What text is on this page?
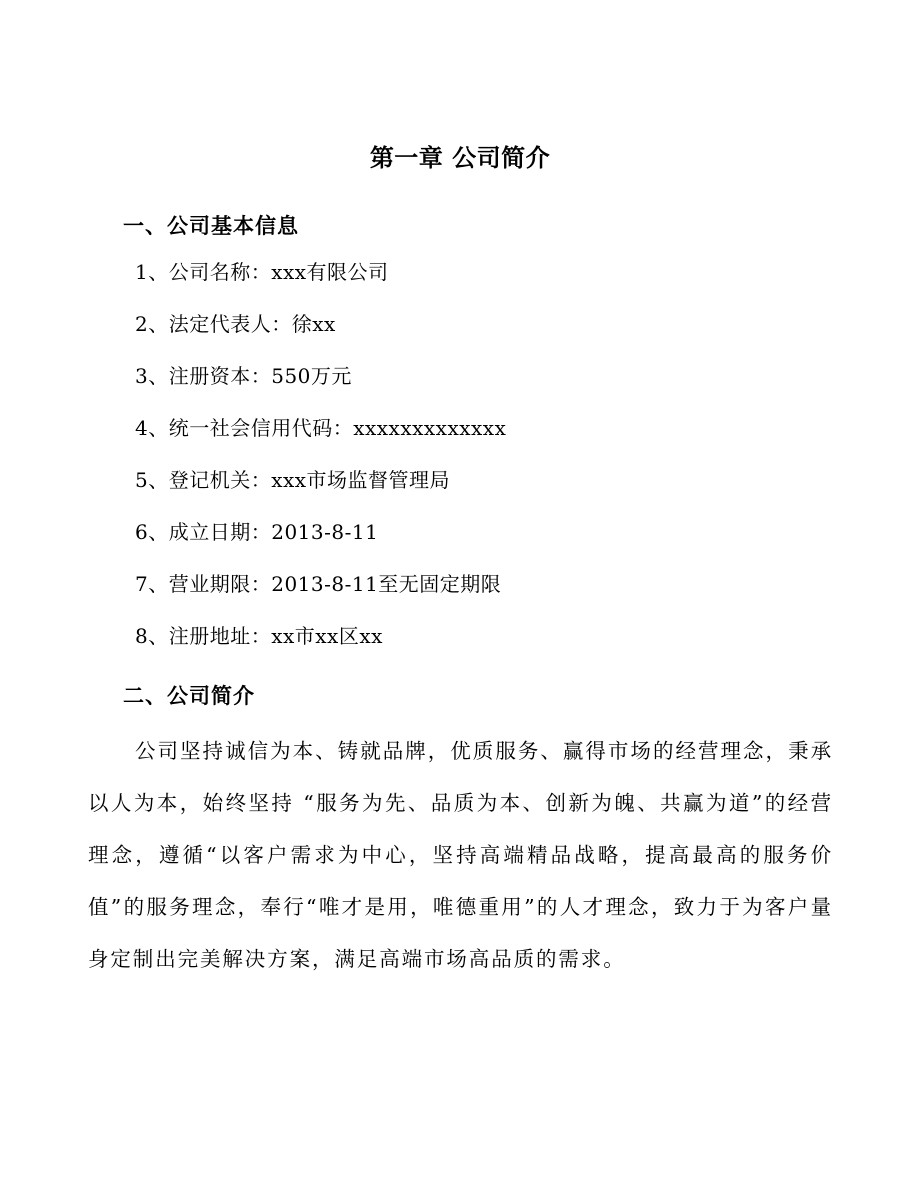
第一章 公司简介
一、公司基本信息
1、公司名称：xxx有限公司
2、法定代表人：徐xx
3、注册资本：550万元
4、统一社会信用代码：xxxxxxxxxxxxx
5、登记机关：xxx市场监督管理局
6、成立日期：2013-8-11
7、营业期限：2013-8-11至无固定期限
8、注册地址：xx市xx区xx
二、公司简介

公司坚持诚信为本、铸就品牌，优质服务、赢得市场的经营理念，秉承以人为本，始终坚持 “服务为先、品质为本、创新为魄、共赢为道”的经营理念，遵循“以客户需求为中心，坚持高端精品战略，提高最高的服务价值”的服务理念，奉行“唯才是用，唯德重用”的人才理念，致力于为客户量身定制出完美解决方案，满足高端市场高品质的需求。
